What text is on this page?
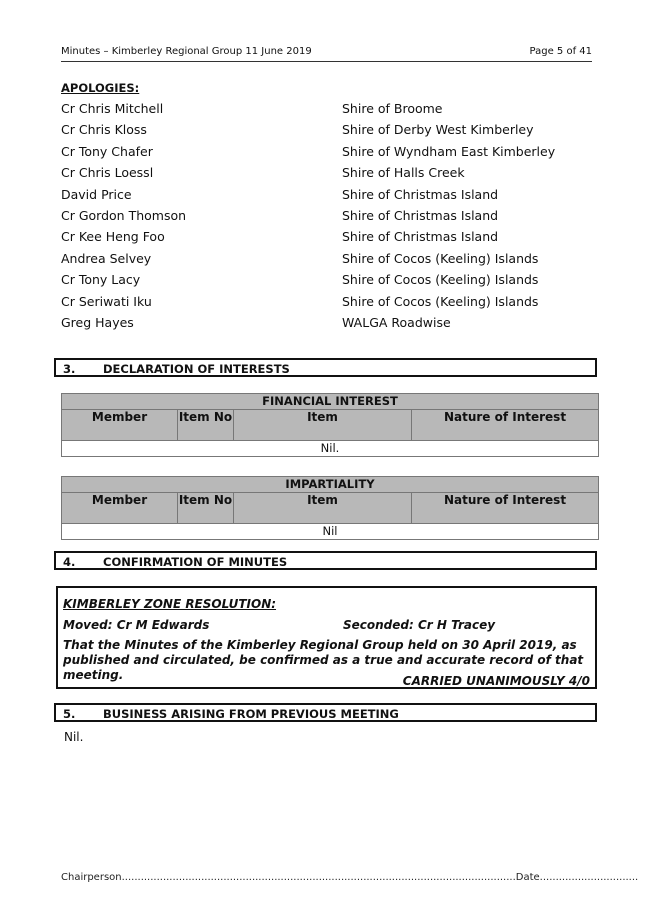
Minutes – Kimberley Regional Group 11 June 2019	Page 5 of 41
APOLOGIES:
Cr Chris Mitchell	Shire of Broome
Cr Chris Kloss	Shire of Derby West Kimberley
Cr Tony Chafer	Shire of Wyndham East Kimberley
Cr Chris Loessl	Shire of Halls Creek
David Price	Shire of Christmas Island
Cr Gordon Thomson	Shire of Christmas Island
Cr Kee Heng Foo	Shire of Christmas Island
Andrea Selvey	Shire of Cocos (Keeling) Islands
Cr Tony Lacy	Shire of Cocos (Keeling) Islands
Cr Seriwati Iku	Shire of Cocos (Keeling) Islands
Greg Hayes	WALGA Roadwise
3. DECLARATION OF INTERESTS
FINANCIAL INTEREST
Member	Item No	Item	Nature of Interest
Nil.
IMPARTIALITY
Member	Item No	Item	Nature of Interest
Nil
4. CONFIRMATION OF MINUTES
KIMBERLEY ZONE RESOLUTION:
Moved: Cr M Edwards	Seconded: Cr H Tracey
That the Minutes of the Kimberley Regional Group held on 30 April 2019, as published and circulated, be confirmed as a true and accurate record of that meeting.	CARRIED UNANIMOUSLY 4/0
5. BUSINESS ARISING FROM PREVIOUS MEETING
Nil.
Chairperson............................................................................................................................Date...............................
